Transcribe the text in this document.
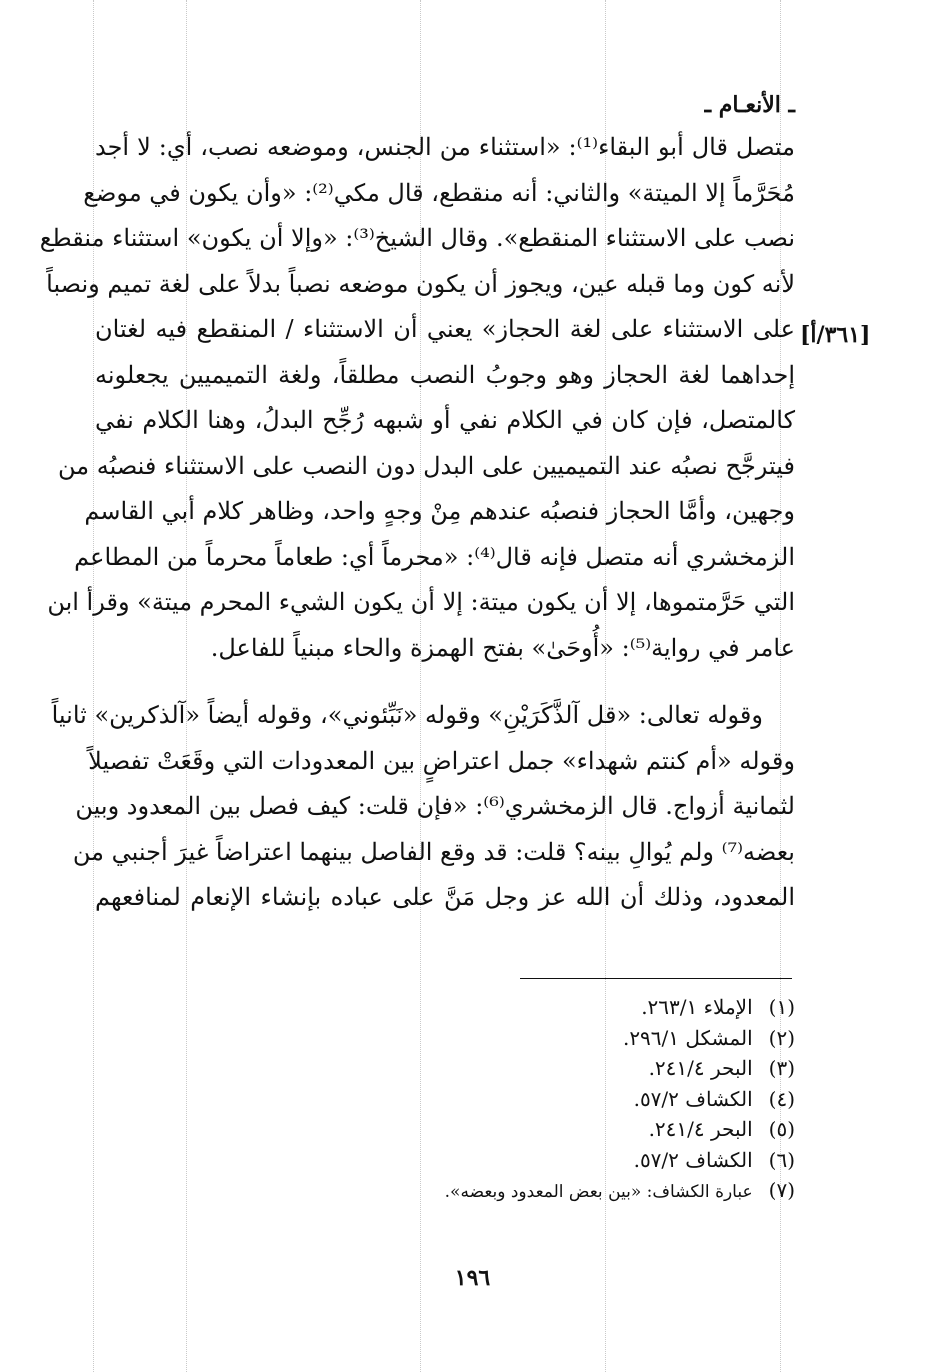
ـ الأنعـام ـ

متصل قال أبو البقاء⁽¹⁾: «استثناء من الجنس، وموضعه نصب، أي: لا أجد
مُحَرَّماً إلا الميتة» والثاني: أنه منقطع، قال مكي⁽²⁾: «وأن يكون في موضع
نصب على الاستثناء المنقطع». وقال الشيخ⁽³⁾: «وإلا أن يكون» استثناء منقطع
لأنه كون وما قبله عين، ويجوز أن يكون موضعه نصباً بدلاً على لغة تميم ونصباً
على الاستثناء على لغة الحجاز» يعني أن الاستثناء / المنقطع فيه لغتان
إحداهما لغة الحجاز وهو وجوبُ النصب مطلقاً، ولغة التميميين يجعلونه
كالمتصل، فإن كان في الكلام نفي أو شبهه رُجِّح البدلُ، وهنا الكلام نفي
فيترجَّح نصبُه عند التميميين على البدل دون النصب على الاستثناء فنصبُه من
وجهين، وأمَّا الحجاز فنصبُه عندهم مِنْ وجهٍ واحد، وظاهر كلام أبي القاسم
الزمخشري أنه متصل فإنه قال⁽⁴⁾: «محرماً أي: طعاماً محرماً من المطاعم
التي حَرَّمتموها، إلا أن يكون ميتة: إلا أن يكون الشيء المحرم ميتة» وقرأ ابن
عامر في رواية⁽⁵⁾: «أُوحَىٰ» بفتح الهمزة والحاء مبنياً للفاعل.

وقوله تعالى: «قل آلذَّكَرَيْنِ» وقوله «نَبِّئوني»، وقوله أيضاً «آلذكرين» ثانياً
وقوله «أم كنتم شهداء» جمل اعتراضٍ بين المعدودات التي وقَعَتْ تفصيلاً
لثمانية أزواج. قال الزمخشري⁽⁶⁾: «فإن قلت: كيف فصل بين المعدود وبين
بعضه⁽⁷⁾ ولم يُوالِ بينه؟ قلت: قد وقع الفاصل بينهما اعتراضاً غيرَ أجنبي من
المعدود، وذلك أن الله عز وجل مَنَّ على عباده بإنشاء الإنعام لمنافعهم

[٣٦١/أ]
(١) الإملاء ٢٦٣/١.
(٢) المشكل ٢٩٦/١.
(٣) البحر ٢٤١/٤.
(٤) الكشاف ٥٧/٢.
(٥) البحر ٢٤١/٤.
(٦) الكشاف ٥٧/٢.
(٧) عبارة الكشاف: «بين بعض المعدود وبعضه».
١٩٦
